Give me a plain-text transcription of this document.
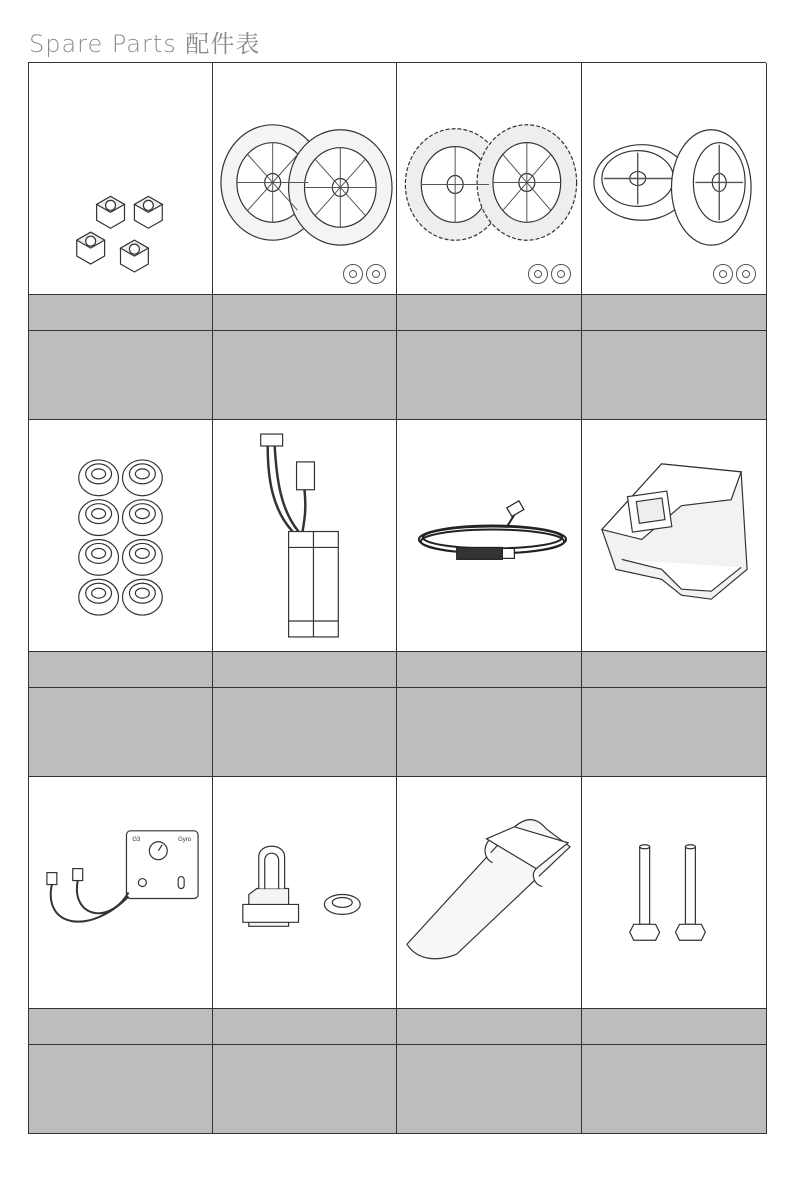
Spare Parts 配件表
G3	Gyro
